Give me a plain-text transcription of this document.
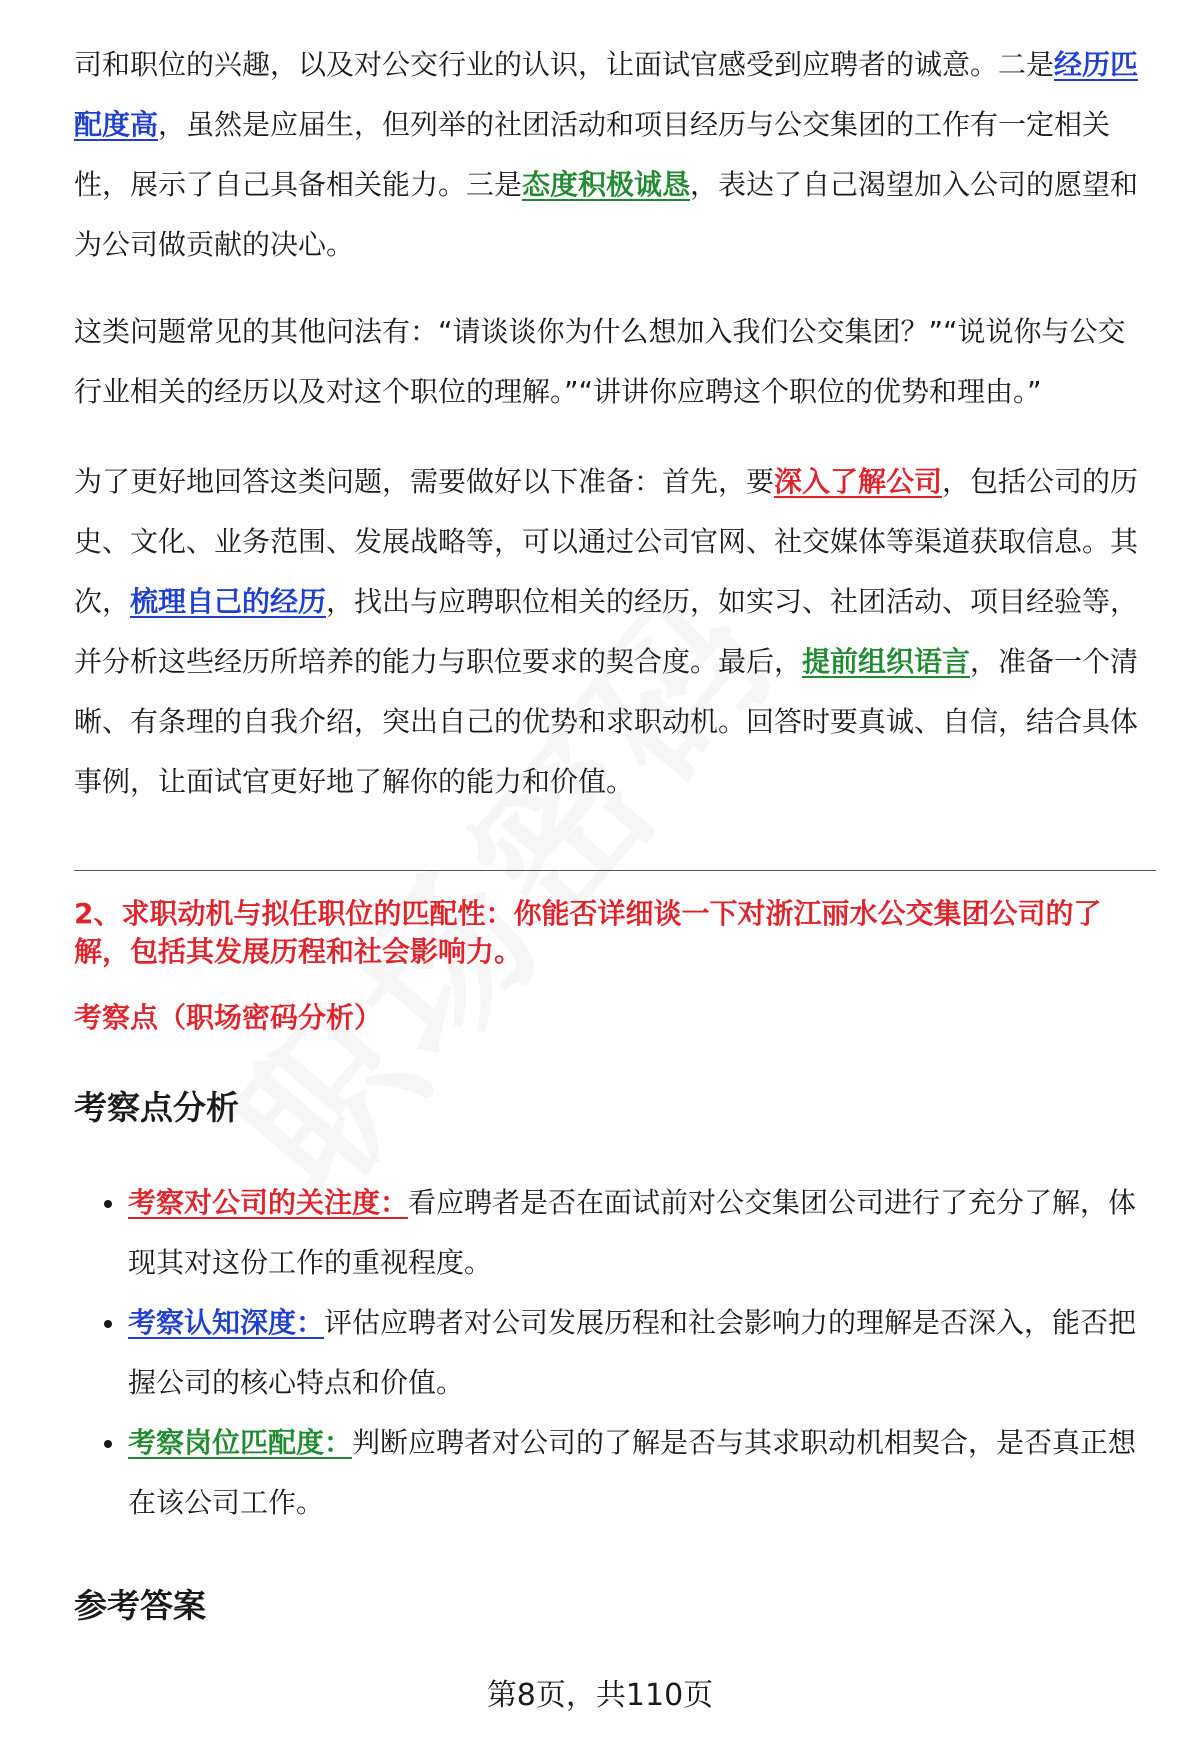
司和职位的兴趣，以及对公交行业的认识，让面试官感受到应聘者的诚意。二是经历匹配度高，虽然是应届生，但列举的社团活动和项目经历与公交集团的工作有一定相关性，展示了自己具备相关能力。三是态度积极诚恳，表达了自己渴望加入公司的愿望和为公司做贡献的决心。

这类问题常见的其他问法有：“请谈谈你为什么想加入我们公交集团？”“说说你与公交行业相关的经历以及对这个职位的理解。”“讲讲你应聘这个职位的优势和理由。”

为了更好地回答这类问题，需要做好以下准备：首先，要深入了解公司，包括公司的历史、文化、业务范围、发展战略等，可以通过公司官网、社交媒体等渠道获取信息。其次，梳理自己的经历，找出与应聘职位相关的经历，如实习、社团活动、项目经验等，并分析这些经历所培养的能力与职位要求的契合度。最后，提前组织语言，准备一个清晰、有条理的自我介绍，突出自己的优势和求职动机。回答时要真诚、自信，结合具体事例，让面试官更好地了解你的能力和价值。

2、求职动机与拟任职位的匹配性：你能否详细谈一下对浙江丽水公交集团公司的了解，包括其发展历程和社会影响力。

考察点（职场密码分析）
考察点分析
考察对公司的关注度：看应聘者是否在面试前对公交集团公司进行了充分了解，体现其对这份工作的重视程度。
考察认知深度：评估应聘者对公司发展历程和社会影响力的理解是否深入，能否把握公司的核心特点和价值。
考察岗位匹配度：判断应聘者对公司的了解是否与其求职动机相契合，是否真正想在该公司工作。
参考答案
第8页，共110页
